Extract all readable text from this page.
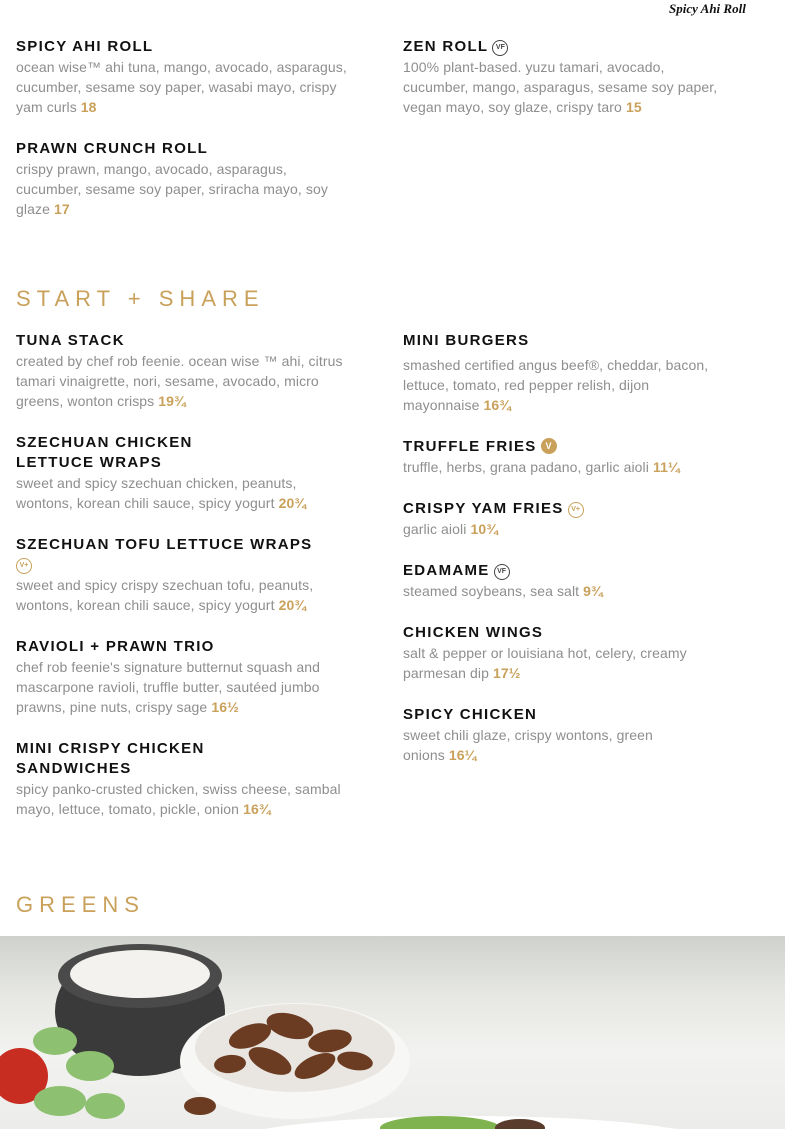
Spicy Ahi Roll
SPICY AHI ROLL
ocean wise™ ahi tuna, mango, avocado, asparagus, cucumber, sesame soy paper, wasabi mayo, crispy yam curls 18
PRAWN CRUNCH ROLL
crispy prawn, mango, avocado, asparagus, cucumber, sesame soy paper, sriracha mayo, soy glaze 17
ZEN ROLL VF
100% plant-based. yuzu tamari, avocado, cucumber, mango, asparagus, sesame soy paper, vegan mayo, soy glaze, crispy taro 15
START + SHARE
TUNA STACK
created by chef rob feenie. ocean wise ™ ahi, citrus tamari vinaigrette, nori, sesame, avocado, micro greens, wonton crisps 19¾
SZECHUAN CHICKEN LETTUCE WRAPS
sweet and spicy szechuan chicken, peanuts, wontons, korean chili sauce, spicy yogurt 20¾
SZECHUAN TOFU LETTUCE WRAPS
V+
sweet and spicy crispy szechuan tofu, peanuts, wontons, korean chili sauce, spicy yogurt 20¾
RAVIOLI + PRAWN TRIO
chef rob feenie's signature butternut squash and mascarpone ravioli, truffle butter, sautéed jumbo prawns, pine nuts, crispy sage 16½
MINI CRISPY CHICKEN SANDWICHES
spicy panko-crusted chicken, swiss cheese, sambal mayo, lettuce, tomato, pickle, onion 16¾
MINI BURGERS
smashed certified angus beef®, cheddar, bacon, lettuce, tomato, red pepper relish, dijon mayonnaise 16¾
TRUFFLE FRIES V
truffle, herbs, grana padano, garlic aioli 11¼
CRISPY YAM FRIES V+
garlic aioli 10¾
EDAMAME VF
steamed soybeans, sea salt 9¾
CHICKEN WINGS
salt & pepper or louisiana hot, celery, creamy parmesan dip 17½
SPICY CHICKEN
sweet chili glaze, crispy wontons, green onions 16¼
GREENS
